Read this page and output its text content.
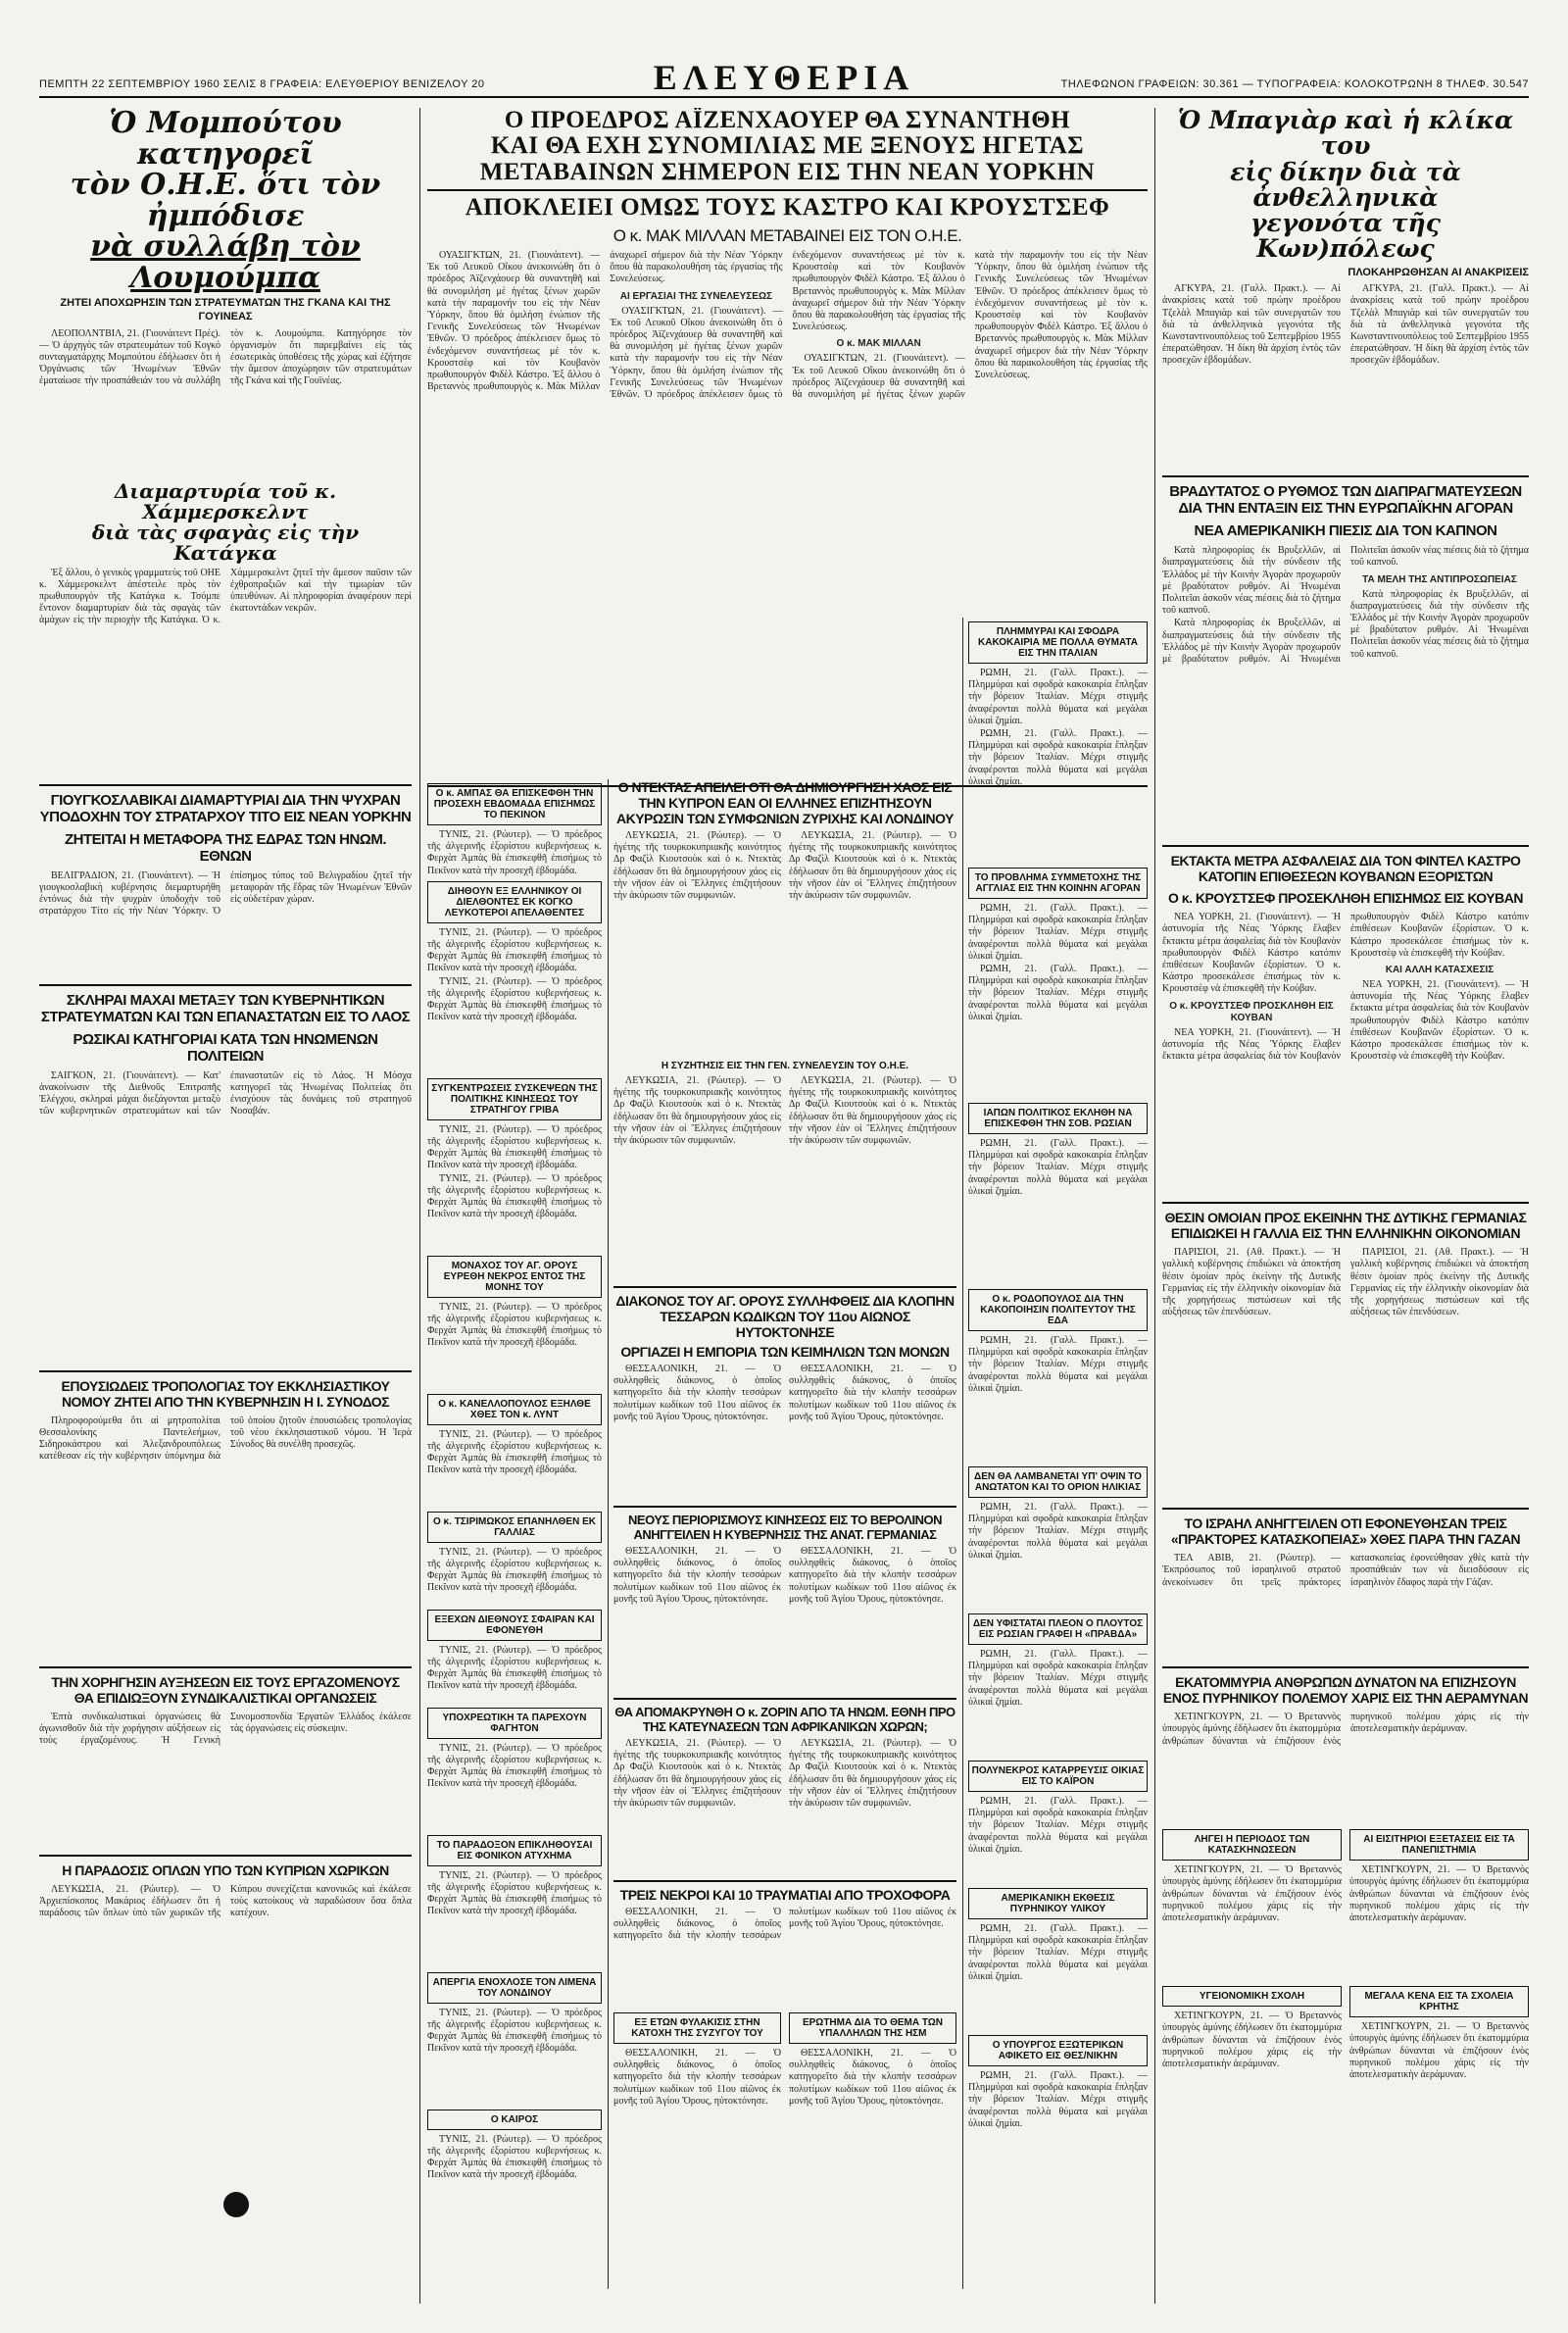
ΠΕΜΠΤΗ 22 ΣΕΠΤΕΜΒΡΙΟΥ 1960 ΣΕΛΙΣ 8 ΓΡΑΦΕΙΑ: ΕΛΕΥΘΕΡΙΟΥ ΒΕΝΙΖΕΛΟΥ 20	ΕΛΕΥΘΕΡΙΑ	ΤΗΛΕΦΩΝΟΝ ΓΡΑΦΕΙΩΝ: 30.361 — ΤΥΠΟΓΡΑΦΕΙΑ: ΚΟΛΟΚΟΤΡΩΝΗ 8 ΤΗΛΕΦ. 30.547
Ὁ Μομπούτου κατηγορεῖ
τὸν Ο.Η.Ε. ὅτι τὸν ἠμπόδισε
νὰ συλλάβη τὸν Λουμούμπα
ΖΗΤΕΙ ΑΠΟΧΩΡΗΣΙΝ ΤΩΝ ΣΤΡΑΤΕΥΜΑΤΩΝ ΤΗΣ ΓΚΑΝΑ ΚΑΙ ΤΗΣ ΓΟΥΙΝΕΑΣ

ΛΕΟΠΟΛΝΤΒΙΛ, 21. (Γιουνάιτεντ Πρές). — Ὁ ἀρχηγὸς τῶν στρατευμάτων τοῦ Κογκό συνταγματάρχης Μομπούτου ἐδήλωσεν ὅτι ἡ Ὀργάνωσις τῶν Ἡνωμένων Ἐθνῶν ἐματαίωσε τὴν προσπάθειάν του νὰ συλλάβη τὸν κ. Λουμούμπα. Κατηγόρησε τὸν ὀργανισμὸν ὅτι παρεμβαίνει εἰς τὰς ἐσωτερικὰς ὑποθέσεις τῆς χώρας καὶ ἐζήτησε τὴν ἄμεσον ἀποχώρησιν τῶν στρατευμάτων τῆς Γκάνα καὶ τῆς Γουϊνέας.

Διαμαρτυρία τοῦ κ. Χάμμερσκελντ
διὰ τὰς σφαγὰς εἰς τὴν Κατάγκα

Ἐξ ἄλλου, ὁ γενικὸς γραμματεὺς τοῦ ΟΗΕ κ. Χάμμερσκελντ ἀπέστειλε πρὸς τὸν πρωθυπουργὸν τῆς Κατάγκα κ. Τσόμπε ἔντονον διαμαρτυρίαν διὰ τὰς σφαγὰς τῶν ἀμάχων εἰς τὴν περιοχὴν τῆς Κατάγκα. Ὁ κ. Χάμμερσκελντ ζητεῖ τὴν ἄμεσον παῦσιν τῶν ἐχθροπραξιῶν καὶ τὴν τιμωρίαν τῶν ὑπευθύνων. Αἱ πληροφορίαι ἀναφέρουν περὶ ἑκατοντάδων νεκρῶν.

ΓΙΟΥΓΚΟΣΛΑΒΙΚΑΙ ΔΙΑΜΑΡΤΥΡΙΑΙ ΔΙΑ ΤΗΝ ΨΥΧΡΑΝ
ΥΠΟΔΟΧΗΝ ΤΟΥ ΣΤΡΑΤΑΡΧΟΥ ΤΙΤΟ ΕΙΣ ΝΕΑΝ ΥΟΡΚΗΝ
ΖΗΤΕΙΤΑΙ Η ΜΕΤΑΦΟΡΑ ΤΗΣ ΕΔΡΑΣ ΤΩΝ ΗΝΩΜ. ΕΘΝΩΝ

ΒΕΛΙΓΡΑΔΙΟΝ, 21. (Γιουνάιτεντ). — Ἡ γιουγκοσλαβικὴ κυβέρνησις διεμαρτυρήθη ἐντόνως διὰ τὴν ψυχρὰν ὑποδοχὴν τοῦ στρατάρχου Τίτο εἰς τὴν Νέαν Ὑόρκην. Ὁ ἐπίσημος τύπος τοῦ Βελιγραδίου ζητεῖ τὴν μεταφορὰν τῆς ἕδρας τῶν Ἡνωμένων Ἐθνῶν εἰς οὐδετέραν χώραν.

ΣΚΛΗΡΑΙ ΜΑΧΑΙ ΜΕΤΑΞΥ ΤΩΝ ΚΥΒΕΡΝΗΤΙΚΩΝ
ΣΤΡΑΤΕΥΜΑΤΩΝ ΚΑΙ ΤΩΝ ΕΠΑΝΑΣΤΑΤΩΝ ΕΙΣ ΤΟ ΛΑΟΣ
ΡΩΣΙΚΑΙ ΚΑΤΗΓΟΡΙΑΙ ΚΑΤΑ ΤΩΝ ΗΝΩΜΕΝΩΝ ΠΟΛΙΤΕΙΩΝ

ΣΑΙΓΚΟΝ, 21. (Γιουνάιτεντ). — Κατ' ἀνακοίνωσιν τῆς Διεθνοῦς Ἐπιτροπῆς Ἐλέγχου, σκληραὶ μάχαι διεξάγονται μεταξὺ τῶν κυβερνητικῶν στρατευμάτων καὶ τῶν ἐπαναστατῶν εἰς τὸ Λάος. Ἡ Μόσχα κατηγορεῖ τὰς Ἡνωμένας Πολιτείας ὅτι ἐνισχύουν τὰς δυνάμεις τοῦ στρατηγοῦ Νοσαβάν.

ΕΠΟΥΣΙΩΔΕΙΣ ΤΡΟΠΟΛΟΓΙΑΣ ΤΟΥ ΕΚΚΛΗΣΙΑΣΤΙΚΟΥ
ΝΟΜΟΥ ΖΗΤΕΙ ΑΠΟ ΤΗΝ ΚΥΒΕΡΝΗΣΙΝ Η Ι. ΣΥΝΟΔΟΣ

Πληροφορούμεθα ὅτι αἱ μητροπολίται Θεσσαλονίκης Παντελεήμων, Σιδηροκάστρου καὶ Ἀλεξανδρουπόλεως κατέθεσαν εἰς τὴν κυβέρνησιν ὑπόμνημα διὰ τοῦ ὁποίου ζητοῦν ἐπουσιώδεις τροπολογίας τοῦ νέου ἐκκλησιαστικοῦ νόμου. Ἡ Ἱερὰ Σύνοδος θὰ συνέλθη προσεχῶς.

ΤΗΝ ΧΟΡΗΓΗΣΙΝ ΑΥΞΗΣΕΩΝ ΕΙΣ ΤΟΥΣ ΕΡΓΑΖΟΜΕΝΟΥΣ
ΘΑ ΕΠΙΔΙΩΞΟΥΝ ΣΥΝΔΙΚΑΛΙΣΤΙΚΑΙ ΟΡΓΑΝΩΣΕΙΣ

Ἑπτὰ συνδικαλιστικαὶ ὀργανώσεις θὰ ἀγωνισθοῦν διὰ τὴν χορήγησιν αὐξήσεων εἰς τοὺς ἐργαζομένους. Ἡ Γενικὴ Συνομοσπονδία Ἐργατῶν Ἑλλάδος ἐκάλεσε τὰς ὀργανώσεις εἰς σύσκεψιν.

Η ΠΑΡΑΔΟΣΙΣ ΟΠΛΩΝ ΥΠΟ ΤΩΝ ΚΥΠΡΙΩΝ ΧΩΡΙΚΩΝ

ΛΕΥΚΩΣΙΑ, 21. (Ρώυτερ). — Ὁ Ἀρχιεπίσκοπος Μακάριος ἐδήλωσεν ὅτι ἡ παράδοσις τῶν ὅπλων ὑπὸ τῶν χωρικῶν τῆς Κύπρου συνεχίζεται κανονικῶς καὶ ἐκάλεσε τοὺς κατοίκους νὰ παραδώσουν ὅσα ὅπλα κατέχουν.

Ο ΠΡΟΕΔΡΟΣ ΑΪΖΕΝΧΑΟΥΕΡ ΘΑ ΣΥΝΑΝΤΗΘΗ
ΚΑΙ ΘΑ ΕΧΗ ΣΥΝΟΜΙΛΙΑΣ ΜΕ ΞΕΝΟΥΣ ΗΓΕΤΑΣ
ΜΕΤΑΒΑΙΝΩΝ ΣΗΜΕΡΟΝ ΕΙΣ ΤΗΝ ΝΕΑΝ ΥΟΡΚΗΝ
ΑΠΟΚΛΕΙΕΙ ΟΜΩΣ ΤΟΥΣ ΚΑΣΤΡΟ ΚΑΙ ΚΡΟΥΣΤΣΕΦ
Ο κ. ΜΑΚ ΜΙΛΛΑΝ ΜΕΤΑΒΑΙΝΕΙ ΕΙΣ ΤΟΝ Ο.Η.Ε.

ΟΥΑΣΙΓΚΤΩΝ, 21. (Γιουνάιτεντ). — Ἐκ τοῦ Λευκοῦ Οἴκου ἀνεκοινώθη ὅτι ὁ πρόεδρος Ἀϊζενχάουερ θὰ συναντηθῆ καὶ θὰ συνομιλήση μὲ ἡγέτας ξένων χωρῶν κατὰ τὴν παραμονήν του εἰς τὴν Νέαν Ὑόρκην, ὅπου θὰ ὁμιλήση ἐνώπιον τῆς Γενικῆς Συνελεύσεως τῶν Ἡνωμένων Ἐθνῶν. Ὁ πρόεδρος ἀπέκλεισεν ὅμως τὸ ἐνδεχόμενον συναντήσεως μὲ τὸν κ. Κρουστσὲφ καὶ τὸν Κουβανὸν πρωθυπουργὸν Φιδὲλ Κάστρο. Ἐξ ἄλλου ὁ Βρεταννὸς πρωθυπουργὸς κ. Μὰκ Μίλλαν ἀναχωρεῖ σήμερον διὰ τὴν Νέαν Ὑόρκην ὅπου θὰ παρακολουθήση τὰς ἐργασίας τῆς Συνελεύσεως.

ΑΙ ΕΡΓΑΣΙΑΙ ΤΗΣ ΣΥΝΕΛΕΥΣΕΩΣ

ΟΥΑΣΙΓΚΤΩΝ, 21. (Γιουνάιτεντ). — Ἐκ τοῦ Λευκοῦ Οἴκου ἀνεκοινώθη ὅτι ὁ πρόεδρος Ἀϊζενχάουερ θὰ συναντηθῆ καὶ θὰ συνομιλήση μὲ ἡγέτας ξένων χωρῶν κατὰ τὴν παραμονήν του εἰς τὴν Νέαν Ὑόρκην, ὅπου θὰ ὁμιλήση ἐνώπιον τῆς Γενικῆς Συνελεύσεως τῶν Ἡνωμένων Ἐθνῶν. Ὁ πρόεδρος ἀπέκλεισεν ὅμως τὸ ἐνδεχόμενον συναντήσεως μὲ τὸν κ. Κρουστσὲφ καὶ τὸν Κουβανὸν πρωθυπουργὸν Φιδὲλ Κάστρο. Ἐξ ἄλλου ὁ Βρεταννὸς πρωθυπουργὸς κ. Μὰκ Μίλλαν ἀναχωρεῖ σήμερον διὰ τὴν Νέαν Ὑόρκην ὅπου θὰ παρακολουθήση τὰς ἐργασίας τῆς Συνελεύσεως.

Ο κ. ΜΑΚ ΜΙΛΛΑΝ

ΟΥΑΣΙΓΚΤΩΝ, 21. (Γιουνάιτεντ). — Ἐκ τοῦ Λευκοῦ Οἴκου ἀνεκοινώθη ὅτι ὁ πρόεδρος Ἀϊζενχάουερ θὰ συναντηθῆ καὶ θὰ συνομιλήση μὲ ἡγέτας ξένων χωρῶν κατὰ τὴν παραμονήν του εἰς τὴν Νέαν Ὑόρκην, ὅπου θὰ ὁμιλήση ἐνώπιον τῆς Γενικῆς Συνελεύσεως τῶν Ἡνωμένων Ἐθνῶν. Ὁ πρόεδρος ἀπέκλεισεν ὅμως τὸ ἐνδεχόμενον συναντήσεως μὲ τὸν κ. Κρουστσὲφ καὶ τὸν Κουβανὸν πρωθυπουργὸν Φιδὲλ Κάστρο. Ἐξ ἄλλου ὁ Βρεταννὸς πρωθυπουργὸς κ. Μὰκ Μίλλαν ἀναχωρεῖ σήμερον διὰ τὴν Νέαν Ὑόρκην ὅπου θὰ παρακολουθήση τὰς ἐργασίας τῆς Συνελεύσεως.

Ο κ. ΑΜΠΑΣ ΘΑ ΕΠΙΣΚΕΦΘΗ ΤΗΝ ΠΡΟΣΕΧΗ ΕΒΔΟΜΑΔΑ ΕΠΙΣΗΜΩΣ ΤΟ ΠΕΚΙΝΟΝ

ΤΥΝΙΣ, 21. (Ρώυτερ). — Ὁ πρόεδρος τῆς ἀλγερινῆς ἐξορίστου κυβερνήσεως κ. Φερχὰτ Ἀμπὰς θὰ ἐπισκεφθῆ ἐπισήμως τὸ Πεκῖνον κατὰ τὴν προσεχῆ ἑβδομάδα.

ΔΙΗΘΟΥΝ ΕΞ ΕΛΛΗΝΙΚΟΥ ΟΙ ΔΙΕΛΘΟΝΤΕΣ ΕΚ ΚΟΓΚΟ ΛΕΥΚΟΤΕΡΟΙ ΑΠΕΛΑΘΕΝΤΕΣ

ΤΥΝΙΣ, 21. (Ρώυτερ). — Ὁ πρόεδρος τῆς ἀλγερινῆς ἐξορίστου κυβερνήσεως κ. Φερχὰτ Ἀμπὰς θὰ ἐπισκεφθῆ ἐπισήμως τὸ Πεκῖνον κατὰ τὴν προσεχῆ ἑβδομάδα.

ΤΥΝΙΣ, 21. (Ρώυτερ). — Ὁ πρόεδρος τῆς ἀλγερινῆς ἐξορίστου κυβερνήσεως κ. Φερχὰτ Ἀμπὰς θὰ ἐπισκεφθῆ ἐπισήμως τὸ Πεκῖνον κατὰ τὴν προσεχῆ ἑβδομάδα.

ΣΥΓΚΕΝΤΡΩΣΕΙΣ ΣΥΣΚΕΨΕΩΝ ΤΗΣ ΠΟΛΙΤΙΚΗΣ ΚΙΝΗΣΕΩΣ ΤΟΥ ΣΤΡΑΤΗΓΟΥ ΓΡΙΒΑ

ΤΥΝΙΣ, 21. (Ρώυτερ). — Ὁ πρόεδρος τῆς ἀλγερινῆς ἐξορίστου κυβερνήσεως κ. Φερχὰτ Ἀμπὰς θὰ ἐπισκεφθῆ ἐπισήμως τὸ Πεκῖνον κατὰ τὴν προσεχῆ ἑβδομάδα.

ΤΥΝΙΣ, 21. (Ρώυτερ). — Ὁ πρόεδρος τῆς ἀλγερινῆς ἐξορίστου κυβερνήσεως κ. Φερχὰτ Ἀμπὰς θὰ ἐπισκεφθῆ ἐπισήμως τὸ Πεκῖνον κατὰ τὴν προσεχῆ ἑβδομάδα.

ΜΟΝΑΧΟΣ ΤΟΥ ΑΓ. ΟΡΟΥΣ ΕΥΡΕΘΗ ΝΕΚΡΟΣ ΕΝΤΟΣ ΤΗΣ ΜΟΝΗΣ ΤΟΥ

ΤΥΝΙΣ, 21. (Ρώυτερ). — Ὁ πρόεδρος τῆς ἀλγερινῆς ἐξορίστου κυβερνήσεως κ. Φερχὰτ Ἀμπὰς θὰ ἐπισκεφθῆ ἐπισήμως τὸ Πεκῖνον κατὰ τὴν προσεχῆ ἑβδομάδα.

Ο κ. ΚΑΝΕΛΛΟΠΟΥΛΟΣ ΕΞΗΛΘΕ ΧΘΕΣ ΤΟΝ κ. ΛΥΝΤ

ΤΥΝΙΣ, 21. (Ρώυτερ). — Ὁ πρόεδρος τῆς ἀλγερινῆς ἐξορίστου κυβερνήσεως κ. Φερχὰτ Ἀμπὰς θὰ ἐπισκεφθῆ ἐπισήμως τὸ Πεκῖνον κατὰ τὴν προσεχῆ ἑβδομάδα.

Ο κ. ΤΣΙΡΙΜΩΚΟΣ ΕΠΑΝΗΛΘΕΝ ΕΚ ΓΑΛΛΙΑΣ

ΤΥΝΙΣ, 21. (Ρώυτερ). — Ὁ πρόεδρος τῆς ἀλγερινῆς ἐξορίστου κυβερνήσεως κ. Φερχὰτ Ἀμπὰς θὰ ἐπισκεφθῆ ἐπισήμως τὸ Πεκῖνον κατὰ τὴν προσεχῆ ἑβδομάδα.

ΕΞΕΧΩΝ ΔΙΕΘΝΟΥΣ ΣΦΑΙΡΑΝ ΚΑΙ ΕΦΟΝΕΥΘΗ

ΤΥΝΙΣ, 21. (Ρώυτερ). — Ὁ πρόεδρος τῆς ἀλγερινῆς ἐξορίστου κυβερνήσεως κ. Φερχὰτ Ἀμπὰς θὰ ἐπισκεφθῆ ἐπισήμως τὸ Πεκῖνον κατὰ τὴν προσεχῆ ἑβδομάδα.

ΥΠΟΧΡΕΩΤΙΚΗ ΤΑ ΠΑΡΕΧΟΥΝ ΦΑΓΗΤΟΝ

ΤΥΝΙΣ, 21. (Ρώυτερ). — Ὁ πρόεδρος τῆς ἀλγερινῆς ἐξορίστου κυβερνήσεως κ. Φερχὰτ Ἀμπὰς θὰ ἐπισκεφθῆ ἐπισήμως τὸ Πεκῖνον κατὰ τὴν προσεχῆ ἑβδομάδα.

ΤΟ ΠΑΡΑΔΟΞΟΝ ΕΠΙΚΛΗΘΟΥΣΑΙ ΕΙΣ ΦΟΝΙΚΟΝ ΑΤΥΧΗΜΑ

ΤΥΝΙΣ, 21. (Ρώυτερ). — Ὁ πρόεδρος τῆς ἀλγερινῆς ἐξορίστου κυβερνήσεως κ. Φερχὰτ Ἀμπὰς θὰ ἐπισκεφθῆ ἐπισήμως τὸ Πεκῖνον κατὰ τὴν προσεχῆ ἑβδομάδα.

ΑΠΕΡΓΙΑ ΕΝΟΧΛΟΣΕ ΤΟΝ ΛΙΜΕΝΑ ΤΟΥ ΛΟΝΔΙΝΟΥ

ΤΥΝΙΣ, 21. (Ρώυτερ). — Ὁ πρόεδρος τῆς ἀλγερινῆς ἐξορίστου κυβερνήσεως κ. Φερχὰτ Ἀμπὰς θὰ ἐπισκεφθῆ ἐπισήμως τὸ Πεκῖνον κατὰ τὴν προσεχῆ ἑβδομάδα.

Ο ΚΑΙΡΟΣ

ΤΥΝΙΣ, 21. (Ρώυτερ). — Ὁ πρόεδρος τῆς ἀλγερινῆς ἐξορίστου κυβερνήσεως κ. Φερχὰτ Ἀμπὰς θὰ ἐπισκεφθῆ ἐπισήμως τὸ Πεκῖνον κατὰ τὴν προσεχῆ ἑβδομάδα.

Ο ΝΤΕΚΤΑΣ ΑΠΕΙΛΕΙ ΟΤΙ ΘΑ ΔΗΜΙΟΥΡΓΗΣΗ ΧΑΟΣ ΕΙΣ ΤΗΝ ΚΥΠΡΟΝ ΕΑΝ ΟΙ ΕΛΛΗΝΕΣ ΕΠΙΖΗΤΗΣΟΥΝ ΑΚΥΡΩΣΙΝ ΤΩΝ ΣΥΜΦΩΝΙΩΝ ΖΥΡΙΧΗΣ ΚΑΙ ΛΟΝΔΙΝΟΥ

ΛΕΥΚΩΣΙΑ, 21. (Ρώυτερ). — Ὁ ἡγέτης τῆς τουρκοκυπριακῆς κοινότητος Δρ Φαζὶλ Κιουτσοὺκ καὶ ὁ κ. Ντεκτὰς ἐδήλωσαν ὅτι θὰ δημιουργήσουν χάος εἰς τὴν νῆσον ἐὰν οἱ Ἕλληνες ἐπιζητήσουν τὴν ἀκύρωσιν τῶν συμφωνιῶν.

ΛΕΥΚΩΣΙΑ, 21. (Ρώυτερ). — Ὁ ἡγέτης τῆς τουρκοκυπριακῆς κοινότητος Δρ Φαζὶλ Κιουτσοὺκ καὶ ὁ κ. Ντεκτὰς ἐδήλωσαν ὅτι θὰ δημιουργήσουν χάος εἰς τὴν νῆσον ἐὰν οἱ Ἕλληνες ἐπιζητήσουν τὴν ἀκύρωσιν τῶν συμφωνιῶν.

Η ΣΥΖΗΤΗΣΙΣ ΕΙΣ ΤΗΝ ΓΕΝ. ΣΥΝΕΛΕΥΣΙΝ ΤΟΥ Ο.Η.Ε.

ΛΕΥΚΩΣΙΑ, 21. (Ρώυτερ). — Ὁ ἡγέτης τῆς τουρκοκυπριακῆς κοινότητος Δρ Φαζὶλ Κιουτσοὺκ καὶ ὁ κ. Ντεκτὰς ἐδήλωσαν ὅτι θὰ δημιουργήσουν χάος εἰς τὴν νῆσον ἐὰν οἱ Ἕλληνες ἐπιζητήσουν τὴν ἀκύρωσιν τῶν συμφωνιῶν.

ΛΕΥΚΩΣΙΑ, 21. (Ρώυτερ). — Ὁ ἡγέτης τῆς τουρκοκυπριακῆς κοινότητος Δρ Φαζὶλ Κιουτσοὺκ καὶ ὁ κ. Ντεκτὰς ἐδήλωσαν ὅτι θὰ δημιουργήσουν χάος εἰς τὴν νῆσον ἐὰν οἱ Ἕλληνες ἐπιζητήσουν τὴν ἀκύρωσιν τῶν συμφωνιῶν.

ΔΙΑΚΟΝΟΣ ΤΟΥ ΑΓ. ΟΡΟΥΣ ΣΥΛΛΗΦΘΕΙΣ ΔΙΑ ΚΛΟΠΗΝ ΤΕΣΣΑΡΩΝ ΚΩΔΙΚΩΝ ΤΟΥ 11ου ΑΙΩΝΟΣ ΗΥΤΟΚΤΟΝΗΣΕ
ΟΡΓΙΑΖΕΙ Η ΕΜΠΟΡΙΑ ΤΩΝ ΚΕΙΜΗΛΙΩΝ ΤΩΝ ΜΟΝΩΝ

ΘΕΣΣΑΛΟΝΙΚΗ, 21. — Ὁ συλληφθεὶς διάκονος, ὁ ὁποῖος κατηγορεῖτο διὰ τὴν κλοπὴν τεσσάρων πολυτίμων κωδίκων τοῦ 11ου αἰῶνος ἐκ μονῆς τοῦ Ἁγίου Ὄρους, ηὐτοκτόνησε.

ΘΕΣΣΑΛΟΝΙΚΗ, 21. — Ὁ συλληφθεὶς διάκονος, ὁ ὁποῖος κατηγορεῖτο διὰ τὴν κλοπὴν τεσσάρων πολυτίμων κωδίκων τοῦ 11ου αἰῶνος ἐκ μονῆς τοῦ Ἁγίου Ὄρους, ηὐτοκτόνησε.

ΝΕΟΥΣ ΠΕΡΙΟΡΙΣΜΟΥΣ ΚΙΝΗΣΕΩΣ ΕΙΣ ΤΟ ΒΕΡΟΛΙΝΟΝ ΑΝΗΓΓΕΙΛΕΝ Η ΚΥΒΕΡΝΗΣΙΣ ΤΗΣ ΑΝΑΤ. ΓΕΡΜΑΝΙΑΣ

ΘΕΣΣΑΛΟΝΙΚΗ, 21. — Ὁ συλληφθεὶς διάκονος, ὁ ὁποῖος κατηγορεῖτο διὰ τὴν κλοπὴν τεσσάρων πολυτίμων κωδίκων τοῦ 11ου αἰῶνος ἐκ μονῆς τοῦ Ἁγίου Ὄρους, ηὐτοκτόνησε.

ΘΕΣΣΑΛΟΝΙΚΗ, 21. — Ὁ συλληφθεὶς διάκονος, ὁ ὁποῖος κατηγορεῖτο διὰ τὴν κλοπὴν τεσσάρων πολυτίμων κωδίκων τοῦ 11ου αἰῶνος ἐκ μονῆς τοῦ Ἁγίου Ὄρους, ηὐτοκτόνησε.

ΘΑ ΑΠΟΜΑΚΡΥΝΘΗ Ο κ. ΖΟΡΙΝ ΑΠΟ ΤΑ ΗΝΩΜ. ΕΘΝΗ ΠΡΟ ΤΗΣ ΚΑΤΕΥΝΑΣΕΩΝ ΤΩΝ ΑΦΡΙΚΑΝΙΚΩΝ ΧΩΡΩΝ;

ΛΕΥΚΩΣΙΑ, 21. (Ρώυτερ). — Ὁ ἡγέτης τῆς τουρκοκυπριακῆς κοινότητος Δρ Φαζὶλ Κιουτσοὺκ καὶ ὁ κ. Ντεκτὰς ἐδήλωσαν ὅτι θὰ δημιουργήσουν χάος εἰς τὴν νῆσον ἐὰν οἱ Ἕλληνες ἐπιζητήσουν τὴν ἀκύρωσιν τῶν συμφωνιῶν.

ΛΕΥΚΩΣΙΑ, 21. (Ρώυτερ). — Ὁ ἡγέτης τῆς τουρκοκυπριακῆς κοινότητος Δρ Φαζὶλ Κιουτσοὺκ καὶ ὁ κ. Ντεκτὰς ἐδήλωσαν ὅτι θὰ δημιουργήσουν χάος εἰς τὴν νῆσον ἐὰν οἱ Ἕλληνες ἐπιζητήσουν τὴν ἀκύρωσιν τῶν συμφωνιῶν.

ΤΡΕΙΣ ΝΕΚΡΟΙ ΚΑΙ 10 ΤΡΑΥΜΑΤΙΑΙ ΑΠΟ ΤΡΟΧΟΦΟΡΑ

ΘΕΣΣΑΛΟΝΙΚΗ, 21. — Ὁ συλληφθεὶς διάκονος, ὁ ὁποῖος κατηγορεῖτο διὰ τὴν κλοπὴν τεσσάρων πολυτίμων κωδίκων τοῦ 11ου αἰῶνος ἐκ μονῆς τοῦ Ἁγίου Ὄρους, ηὐτοκτόνησε.

ΕΞ ΕΤΩΝ ΦΥΛΑΚΙΣΙΣ ΣΤΗΝ ΚΑΤΟΧΗ ΤΗΣ ΣΥΖΥΓΟΥ ΤΟΥ

ΘΕΣΣΑΛΟΝΙΚΗ, 21. — Ὁ συλληφθεὶς διάκονος, ὁ ὁποῖος κατηγορεῖτο διὰ τὴν κλοπὴν τεσσάρων πολυτίμων κωδίκων τοῦ 11ου αἰῶνος ἐκ μονῆς τοῦ Ἁγίου Ὄρους, ηὐτοκτόνησε.

ΕΡΩΤΗΜΑ ΔΙΑ ΤΟ ΘΕΜΑ ΤΩΝ ΥΠΑΛΛΗΛΩΝ ΤΗΣ ΗΣΜ

ΘΕΣΣΑΛΟΝΙΚΗ, 21. — Ὁ συλληφθεὶς διάκονος, ὁ ὁποῖος κατηγορεῖτο διὰ τὴν κλοπὴν τεσσάρων πολυτίμων κωδίκων τοῦ 11ου αἰῶνος ἐκ μονῆς τοῦ Ἁγίου Ὄρους, ηὐτοκτόνησε.

ΠΛΗΜΜΥΡΑΙ ΚΑΙ ΣΦΟΔΡΑ ΚΑΚΟΚΑΙΡΙΑ ΜΕ ΠΟΛΛΑ ΘΥΜΑΤΑ ΕΙΣ ΤΗΝ ΙΤΑΛΙΑΝ

ΡΩΜΗ, 21. (Γαλλ. Πρακτ.). — Πλημμύραι καὶ σφοδρὰ κακοκαιρία ἔπληξαν τὴν βόρειον Ἰταλίαν. Μέχρι στιγμῆς ἀναφέρονται πολλὰ θύματα καὶ μεγάλαι ὑλικαὶ ζημίαι.

ΡΩΜΗ, 21. (Γαλλ. Πρακτ.). — Πλημμύραι καὶ σφοδρὰ κακοκαιρία ἔπληξαν τὴν βόρειον Ἰταλίαν. Μέχρι στιγμῆς ἀναφέρονται πολλὰ θύματα καὶ μεγάλαι ὑλικαὶ ζημίαι.

ΤΟ ΠΡΟΒΛΗΜΑ ΣΥΜΜΕΤΟΧΗΣ ΤΗΣ ΑΓΓΛΙΑΣ ΕΙΣ ΤΗΝ ΚΟΙΝΗΝ ΑΓΟΡΑΝ

ΡΩΜΗ, 21. (Γαλλ. Πρακτ.). — Πλημμύραι καὶ σφοδρὰ κακοκαιρία ἔπληξαν τὴν βόρειον Ἰταλίαν. Μέχρι στιγμῆς ἀναφέρονται πολλὰ θύματα καὶ μεγάλαι ὑλικαὶ ζημίαι.

ΡΩΜΗ, 21. (Γαλλ. Πρακτ.). — Πλημμύραι καὶ σφοδρὰ κακοκαιρία ἔπληξαν τὴν βόρειον Ἰταλίαν. Μέχρι στιγμῆς ἀναφέρονται πολλὰ θύματα καὶ μεγάλαι ὑλικαὶ ζημίαι.

ΙΑΠΩΝ ΠΟΛΙΤΙΚΟΣ ΕΚΛΗΘΗ ΝΑ ΕΠΙΣΚΕΦΘΗ ΤΗΝ ΣΟΒ. ΡΩΣΙΑΝ

ΡΩΜΗ, 21. (Γαλλ. Πρακτ.). — Πλημμύραι καὶ σφοδρὰ κακοκαιρία ἔπληξαν τὴν βόρειον Ἰταλίαν. Μέχρι στιγμῆς ἀναφέρονται πολλὰ θύματα καὶ μεγάλαι ὑλικαὶ ζημίαι.

Ο κ. ΡΟΔΟΠΟΥΛΟΣ ΔΙΑ ΤΗΝ ΚΑΚΟΠΟΙΗΣΙΝ ΠΟΛΙΤΕΥΤΟΥ ΤΗΣ ΕΔΑ

ΡΩΜΗ, 21. (Γαλλ. Πρακτ.). — Πλημμύραι καὶ σφοδρὰ κακοκαιρία ἔπληξαν τὴν βόρειον Ἰταλίαν. Μέχρι στιγμῆς ἀναφέρονται πολλὰ θύματα καὶ μεγάλαι ὑλικαὶ ζημίαι.

ΔΕΝ ΘΑ ΛΑΜΒΑΝΕΤΑΙ ΥΠ' ΟΨΙΝ ΤΟ ΑΝΩΤΑΤΟΝ ΚΑΙ ΤΟ ΟΡΙΟΝ ΗΛΙΚΙΑΣ

ΡΩΜΗ, 21. (Γαλλ. Πρακτ.). — Πλημμύραι καὶ σφοδρὰ κακοκαιρία ἔπληξαν τὴν βόρειον Ἰταλίαν. Μέχρι στιγμῆς ἀναφέρονται πολλὰ θύματα καὶ μεγάλαι ὑλικαὶ ζημίαι.

ΔΕΝ ΥΦΙΣΤΑΤΑΙ ΠΛΕΟΝ Ο ΠΛΟΥΤΟΣ ΕΙΣ ΡΩΣΙΑΝ ΓΡΑΦΕΙ Η «ΠΡΑΒΔΑ»

ΡΩΜΗ, 21. (Γαλλ. Πρακτ.). — Πλημμύραι καὶ σφοδρὰ κακοκαιρία ἔπληξαν τὴν βόρειον Ἰταλίαν. Μέχρι στιγμῆς ἀναφέρονται πολλὰ θύματα καὶ μεγάλαι ὑλικαὶ ζημίαι.

ΠΟΛΥΝΕΚΡΟΣ ΚΑΤΑΡΡΕΥΣΙΣ ΟΙΚΙΑΣ ΕΙΣ ΤΟ ΚΑΪΡΟΝ

ΡΩΜΗ, 21. (Γαλλ. Πρακτ.). — Πλημμύραι καὶ σφοδρὰ κακοκαιρία ἔπληξαν τὴν βόρειον Ἰταλίαν. Μέχρι στιγμῆς ἀναφέρονται πολλὰ θύματα καὶ μεγάλαι ὑλικαὶ ζημίαι.

ΑΜΕΡΙΚΑΝΙΚΗ ΕΚΘΕΣΙΣ ΠΥΡΗΝΙΚΟΥ ΥΛΙΚΟΥ

ΡΩΜΗ, 21. (Γαλλ. Πρακτ.). — Πλημμύραι καὶ σφοδρὰ κακοκαιρία ἔπληξαν τὴν βόρειον Ἰταλίαν. Μέχρι στιγμῆς ἀναφέρονται πολλὰ θύματα καὶ μεγάλαι ὑλικαὶ ζημίαι.

Ο ΥΠΟΥΡΓΟΣ ΕΞΩΤΕΡΙΚΩΝ ΑΦΙΚΕΤΟ ΕΙΣ ΘΕΣ/ΝΙΚΗΝ

ΡΩΜΗ, 21. (Γαλλ. Πρακτ.). — Πλημμύραι καὶ σφοδρὰ κακοκαιρία ἔπληξαν τὴν βόρειον Ἰταλίαν. Μέχρι στιγμῆς ἀναφέρονται πολλὰ θύματα καὶ μεγάλαι ὑλικαὶ ζημίαι.

Ὁ Μπαγιὰρ καὶ ἡ κλίκα του
εἰς δίκην διὰ τὰ ἀνθελληνικὰ
γεγονότα τῆς Κων)πόλεως
ΠΛΟΚΑΗΡΩΘΗΣΑΝ ΑΙ ΑΝΑΚΡΙΣΕΙΣ

ΑΓΚΥΡΑ, 21. (Γαλλ. Πρακτ.). — Αἱ ἀνακρίσεις κατὰ τοῦ πρώην προέδρου Τζελὰλ Μπαγιὰρ καὶ τῶν συνεργατῶν του διὰ τὰ ἀνθελληνικὰ γεγονότα τῆς Κωνσταντινουπόλεως τοῦ Σεπτεμβρίου 1955 ἐπερατώθησαν. Ἡ δίκη θὰ ἀρχίση ἐντὸς τῶν προσεχῶν ἑβδομάδων.

ΑΓΚΥΡΑ, 21. (Γαλλ. Πρακτ.). — Αἱ ἀνακρίσεις κατὰ τοῦ πρώην προέδρου Τζελὰλ Μπαγιὰρ καὶ τῶν συνεργατῶν του διὰ τὰ ἀνθελληνικὰ γεγονότα τῆς Κωνσταντινουπόλεως τοῦ Σεπτεμβρίου 1955 ἐπερατώθησαν. Ἡ δίκη θὰ ἀρχίση ἐντὸς τῶν προσεχῶν ἑβδομάδων.

ΒΡΑΔΥΤΑΤΟΣ Ο ΡΥΘΜΟΣ ΤΩΝ ΔΙΑΠΡΑΓΜΑΤΕΥΣΕΩΝ
ΔΙΑ ΤΗΝ ΕΝΤΑΞΙΝ ΕΙΣ ΤΗΝ ΕΥΡΩΠΑΪΚΗΝ ΑΓΟΡΑΝ
ΝΕΑ ΑΜΕΡΙΚΑΝΙΚΗ ΠΙΕΣΙΣ ΔΙΑ ΤΟΝ ΚΑΠΝΟΝ

Κατὰ πληροφορίας ἐκ Βρυξελλῶν, αἱ διαπραγματεύσεις διὰ τὴν σύνδεσιν τῆς Ἑλλάδος μὲ τὴν Κοινὴν Ἀγορὰν προχωροῦν μὲ βραδύτατον ρυθμόν. Αἱ Ἡνωμέναι Πολιτεῖαι ἀσκοῦν νέας πιέσεις διὰ τὸ ζήτημα τοῦ καπνοῦ.

Κατὰ πληροφορίας ἐκ Βρυξελλῶν, αἱ διαπραγματεύσεις διὰ τὴν σύνδεσιν τῆς Ἑλλάδος μὲ τὴν Κοινὴν Ἀγορὰν προχωροῦν μὲ βραδύτατον ρυθμόν. Αἱ Ἡνωμέναι Πολιτεῖαι ἀσκοῦν νέας πιέσεις διὰ τὸ ζήτημα τοῦ καπνοῦ.

ΤΑ ΜΕΛΗ ΤΗΣ ΑΝΤΙΠΡΟΣΩΠΕΙΑΣ

Κατὰ πληροφορίας ἐκ Βρυξελλῶν, αἱ διαπραγματεύσεις διὰ τὴν σύνδεσιν τῆς Ἑλλάδος μὲ τὴν Κοινὴν Ἀγορὰν προχωροῦν μὲ βραδύτατον ρυθμόν. Αἱ Ἡνωμέναι Πολιτεῖαι ἀσκοῦν νέας πιέσεις διὰ τὸ ζήτημα τοῦ καπνοῦ.

ΕΚΤΑΚΤΑ ΜΕΤΡΑ ΑΣΦΑΛΕΙΑΣ ΔΙΑ ΤΟΝ ΦΙΝΤΕΛ ΚΑΣΤΡΟ
ΚΑΤΟΠΙΝ ΕΠΙΘΕΣΕΩΝ ΚΟΥΒΑΝΩΝ ΕΞΟΡΙΣΤΩΝ
Ο κ. ΚΡΟΥΣΤΣΕΦ ΠΡΟΣΕΚΛΗΘΗ ΕΠΙΣΗΜΩΣ ΕΙΣ ΚΟΥΒΑΝ

ΝΕΑ ΥΟΡΚΗ, 21. (Γιουνάιτεντ). — Ἡ ἀστυνομία τῆς Νέας Ὑόρκης ἔλαβεν ἔκτακτα μέτρα ἀσφαλείας διὰ τὸν Κουβανὸν πρωθυπουργὸν Φιδὲλ Κάστρο κατόπιν ἐπιθέσεων Κουβανῶν ἐξορίστων. Ὁ κ. Κάστρο προσεκάλεσε ἐπισήμως τὸν κ. Κρουστσὲφ νὰ ἐπισκεφθῆ τὴν Κούβαν.

Ο κ. ΚΡΟΥΣΤΣΕΦ ΠΡΟΣΚΛΗΘΗ ΕΙΣ ΚΟΥΒΑΝ

ΝΕΑ ΥΟΡΚΗ, 21. (Γιουνάιτεντ). — Ἡ ἀστυνομία τῆς Νέας Ὑόρκης ἔλαβεν ἔκτακτα μέτρα ἀσφαλείας διὰ τὸν Κουβανὸν πρωθυπουργὸν Φιδὲλ Κάστρο κατόπιν ἐπιθέσεων Κουβανῶν ἐξορίστων. Ὁ κ. Κάστρο προσεκάλεσε ἐπισήμως τὸν κ. Κρουστσὲφ νὰ ἐπισκεφθῆ τὴν Κούβαν.

ΚΑΙ ΑΛΛΗ ΚΑΤΑΣΧΕΣΙΣ

ΝΕΑ ΥΟΡΚΗ, 21. (Γιουνάιτεντ). — Ἡ ἀστυνομία τῆς Νέας Ὑόρκης ἔλαβεν ἔκτακτα μέτρα ἀσφαλείας διὰ τὸν Κουβανὸν πρωθυπουργὸν Φιδὲλ Κάστρο κατόπιν ἐπιθέσεων Κουβανῶν ἐξορίστων. Ὁ κ. Κάστρο προσεκάλεσε ἐπισήμως τὸν κ. Κρουστσὲφ νὰ ἐπισκεφθῆ τὴν Κούβαν.

ΘΕΣΙΝ ΟΜΟΙΑΝ ΠΡΟΣ ΕΚΕΙΝΗΝ ΤΗΣ ΔΥΤΙΚΗΣ ΓΕΡΜΑΝΙΑΣ
ΕΠΙΔΙΩΚΕΙ Η ΓΑΛΛΙΑ ΕΙΣ ΤΗΝ ΕΛΛΗΝΙΚΗΝ ΟΙΚΟΝΟΜΙΑΝ

ΠΑΡΙΣΙΟΙ, 21. (Αθ. Πρακτ.). — Ἡ γαλλικὴ κυβέρνησις ἐπιδιώκει νὰ ἀποκτήση θέσιν ὁμοίαν πρὸς ἐκείνην τῆς Δυτικῆς Γερμανίας εἰς τὴν ἑλληνικὴν οἰκονομίαν διὰ τῆς χορηγήσεως πιστώσεων καὶ τῆς αὐξήσεως τῶν ἐπενδύσεων.

ΠΑΡΙΣΙΟΙ, 21. (Αθ. Πρακτ.). — Ἡ γαλλικὴ κυβέρνησις ἐπιδιώκει νὰ ἀποκτήση θέσιν ὁμοίαν πρὸς ἐκείνην τῆς Δυτικῆς Γερμανίας εἰς τὴν ἑλληνικὴν οἰκονομίαν διὰ τῆς χορηγήσεως πιστώσεων καὶ τῆς αὐξήσεως τῶν ἐπενδύσεων.

ΤΟ ΙΣΡΑΗΛ ΑΝΗΓΓΕΙΛΕΝ ΟΤΙ ΕΦΟΝΕΥΘΗΣΑΝ ΤΡΕΙΣ
«ΠΡΑΚΤΟΡΕΣ ΚΑΤΑΣΚΟΠΕΙΑΣ» ΧΘΕΣ ΠΑΡΑ ΤΗΝ ΓΑΖΑΝ

ΤΕΛ ΑΒΙΒ, 21. (Ρώυτερ). — Ἐκπρόσωπος τοῦ ἰσραηλινοῦ στρατοῦ ἀνεκοίνωσεν ὅτι τρεῖς πράκτορες κατασκοπείας ἐφονεύθησαν χθὲς κατὰ τὴν προσπάθειάν των νὰ διεισδύσουν εἰς ἰσραηλινὸν ἔδαφος παρὰ τὴν Γάζαν.

ΕΚΑΤΟΜΜΥΡΙΑ ΑΝΘΡΩΠΩΝ ΔΥΝΑΤΟΝ ΝΑ ΕΠΙΖΗΣΟΥΝ
ΕΝΟΣ ΠΥΡΗΝΙΚΟΥ ΠΟΛΕΜΟΥ ΧΑΡΙΣ ΕΙΣ ΤΗΝ ΑΕΡΑΜΥΝΑΝ

ΧΕΤΙΝΓΚΟΥΡΝ, 21. — Ὁ Βρεταννὸς ὑπουργὸς ἀμύνης ἐδήλωσεν ὅτι ἑκατομμύρια ἀνθρώπων δύνανται νὰ ἐπιζήσουν ἑνὸς πυρηνικοῦ πολέμου χάρις εἰς τὴν ἀποτελεσματικὴν ἀεράμυναν.

ΛΗΓΕΙ Η ΠΕΡΙΟΔΟΣ ΤΩΝ ΚΑΤΑΣΚΗΝΩΣΕΩΝ

ΧΕΤΙΝΓΚΟΥΡΝ, 21. — Ὁ Βρεταννὸς ὑπουργὸς ἀμύνης ἐδήλωσεν ὅτι ἑκατομμύρια ἀνθρώπων δύνανται νὰ ἐπιζήσουν ἑνὸς πυρηνικοῦ πολέμου χάρις εἰς τὴν ἀποτελεσματικὴν ἀεράμυναν.

ΥΓΕΙΟΝΟΜΙΚΗ ΣΧΟΛΗ

ΧΕΤΙΝΓΚΟΥΡΝ, 21. — Ὁ Βρεταννὸς ὑπουργὸς ἀμύνης ἐδήλωσεν ὅτι ἑκατομμύρια ἀνθρώπων δύνανται νὰ ἐπιζήσουν ἑνὸς πυρηνικοῦ πολέμου χάρις εἰς τὴν ἀποτελεσματικὴν ἀεράμυναν.

ΑΙ ΕΙΣΙΤΗΡΙΟΙ ΕΞΕΤΑΣΕΙΣ ΕΙΣ ΤΑ ΠΑΝΕΠΙΣΤΗΜΙΑ

ΧΕΤΙΝΓΚΟΥΡΝ, 21. — Ὁ Βρεταννὸς ὑπουργὸς ἀμύνης ἐδήλωσεν ὅτι ἑκατομμύρια ἀνθρώπων δύνανται νὰ ἐπιζήσουν ἑνὸς πυρηνικοῦ πολέμου χάρις εἰς τὴν ἀποτελεσματικὴν ἀεράμυναν.

ΜΕΓΑΛΑ ΚΕΝΑ ΕΙΣ ΤΑ ΣΧΟΛΕΙΑ ΚΡΗΤΗΣ

ΧΕΤΙΝΓΚΟΥΡΝ, 21. — Ὁ Βρεταννὸς ὑπουργὸς ἀμύνης ἐδήλωσεν ὅτι ἑκατομμύρια ἀνθρώπων δύνανται νὰ ἐπιζήσουν ἑνὸς πυρηνικοῦ πολέμου χάρις εἰς τὴν ἀποτελεσματικὴν ἀεράμυναν.
